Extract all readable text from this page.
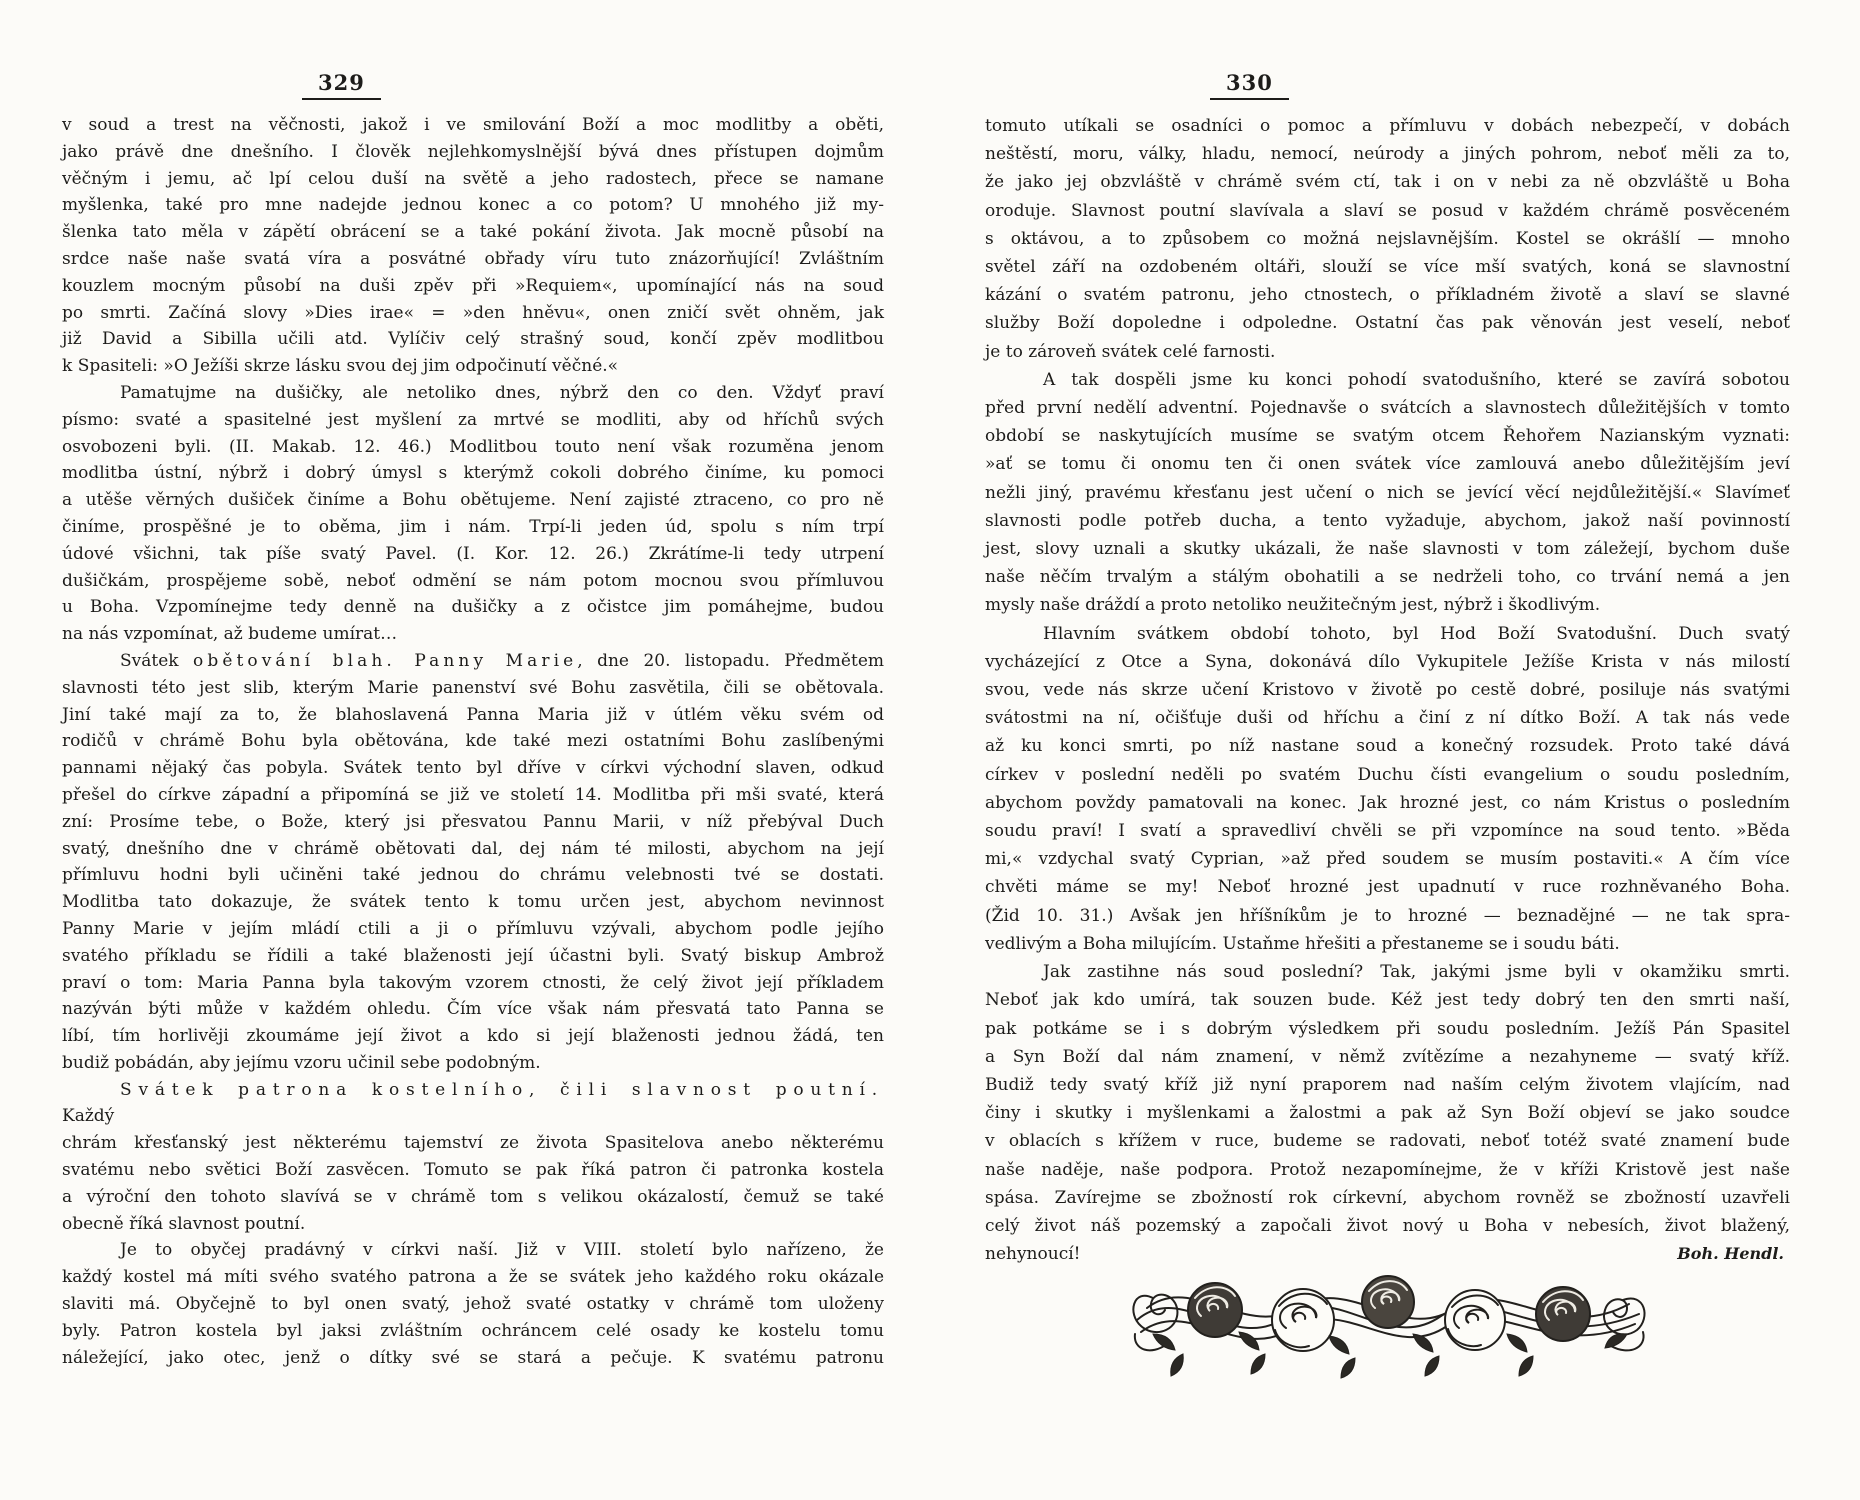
329	330
v soud a trest na věčnosti, jakož i ve smilování Boží a moc modlitby a oběti,
jako právě dne dnešního. I člověk nejlehkomyslnější bývá dnes přístupen dojmům
věčným i jemu, ač lpí celou duší na světě a jeho radostech, přece se namane
myšlenka, také pro mne nadejde jednou konec a co potom? U mnohého již my-
šlenka tato měla v zápětí obrácení se a také pokání života. Jak mocně působí na
srdce naše naše svatá víra a posvátné obřady víru tuto znázorňující! Zvláštním
kouzlem mocným působí na duši zpěv při »Requiem«, upomínající nás na soud
po smrti. Začíná slovy »Dies irae« = »den hněvu«, onen zničí svět ohněm, jak
již David a Sibilla učili atd. Vylíčiv celý strašný soud, končí zpěv modlitbou
k Spasiteli: »O Ježíši skrze lásku svou dej jim odpočinutí věčné.«
Pamatujme na dušičky, ale netoliko dnes, nýbrž den co den. Vždyť praví
písmo: svaté a spasitelné jest myšlení za mrtvé se modliti, aby od hříchů svých
osvobozeni byli. (II. Makab. 12. 46.) Modlitbou touto není však rozuměna jenom
modlitba ústní, nýbrž i dobrý úmysl s kterýmž cokoli dobrého činíme, ku pomoci
a utěše věrných dušiček činíme a Bohu obětujeme. Není zajisté ztraceno, co pro ně
činíme, prospěšné je to oběma, jim i nám. Trpí-li jeden úd, spolu s ním trpí
údové všichni, tak píše svatý Pavel. (I. Kor. 12. 26.) Zkrátíme-li tedy utrpení
dušičkám, prospějeme sobě, neboť odmění se nám potom mocnou svou přímluvou
u Boha. Vzpomínejme tedy denně na dušičky a z očistce jim pomáhejme, budou
na nás vzpomínat, až budeme umírat…
Svátek obětování blah. Panny Marie, dne 20. listopadu. Předmětem
slavnosti této jest slib, kterým Marie panenství své Bohu zasvětila, čili se obětovala.
Jiní také mají za to, že blahoslavená Panna Maria již v útlém věku svém od
rodičů v chrámě Bohu byla obětována, kde také mezi ostatními Bohu zaslíbenými
pannami nějaký čas pobyla. Svátek tento byl dříve v církvi východní slaven, odkud
přešel do církve západní a připomíná se již ve století 14. Modlitba při mši svaté, která
zní: Prosíme tebe, o Bože, který jsi přesvatou Pannu Marii, v níž přebýval Duch
svatý, dnešního dne v chrámě obětovati dal, dej nám té milosti, abychom na její
přímluvu hodni byli učiněni také jednou do chrámu velebnosti tvé se dostati.
Modlitba tato dokazuje, že svátek tento k tomu určen jest, abychom nevinnost
Panny Marie v jejím mládí ctili a ji o přímluvu vzývali, abychom podle jejího
svatého příkladu se řídili a také blaženosti její účastni byli. Svatý biskup Ambrož
praví o tom: Maria Panna byla takovým vzorem ctnosti, že celý život její příkladem
nazýván býti může v každém ohledu. Čím více však nám přesvatá tato Panna se
líbí, tím horlivěji zkoumáme její život a kdo si její blaženosti jednou žádá, ten
budiž pobádán, aby jejímu vzoru učinil sebe podobným.
Svátek patrona kostelního, čili slavnost poutní. Každý
chrám křesťanský jest některému tajemství ze života Spasitelova anebo některému
svatému nebo světici Boží zasvěcen. Tomuto se pak říká patron či patronka kostela
a výroční den tohoto slavívá se v chrámě tom s velikou okázalostí, čemuž se také
obecně říká slavnost poutní.
Je to obyčej pradávný v církvi naší. Již v VIII. století bylo nařízeno, že
každý kostel má míti svého svatého patrona a že se svátek jeho každého roku okázale
slaviti má. Obyčejně to byl onen svatý, jehož svaté ostatky v chrámě tom uloženy
byly. Patron kostela byl jaksi zvláštním ochráncem celé osady ke kostelu tomu
náležející, jako otec, jenž o dítky své se stará a pečuje. K svatému patronu
tomuto utíkali se osadníci o pomoc a přímluvu v dobách nebezpečí, v dobách
neštěstí, moru, války, hladu, nemocí, neúrody a jiných pohrom, neboť měli za to,
že jako jej obzvláště v chrámě svém ctí, tak i on v nebi za ně obzvláště u Boha
oroduje. Slavnost poutní slavívala a slaví se posud v každém chrámě posvěceném
s oktávou, a to způsobem co možná nejslavnějším. Kostel se okrášlí — mnoho
světel září na ozdobeném oltáři, slouží se více mší svatých, koná se slavnostní
kázání o svatém patronu, jeho ctnostech, o příkladném životě a slaví se slavné
služby Boží dopoledne i odpoledne. Ostatní čas pak věnován jest veselí, neboť
je to zároveň svátek celé farnosti.
A tak dospěli jsme ku konci pohodí svatodušního, které se zavírá sobotou
před první nedělí adventní. Pojednavše o svátcích a slavnostech důležitějších v tomto
období se naskytujících musíme se svatým otcem Řehořem Nazianským vyznati:
»ať se tomu či onomu ten či onen svátek více zamlouvá anebo důležitějším jeví
nežli jiný, pravému křesťanu jest učení o nich se jevící věcí nejdůležitější.« Slavímeť
slavnosti podle potřeb ducha, a tento vyžaduje, abychom, jakož naší povinností
jest, slovy uznali a skutky ukázali, že naše slavnosti v tom záležejí, bychom duše
naše něčím trvalým a stálým obohatili a se nedrželi toho, co trvání nemá a jen
mysly naše dráždí a proto netoliko neužitečným jest, nýbrž i škodlivým.
Hlavním svátkem období tohoto, byl Hod Boží Svatodušní. Duch svatý
vycházející z Otce a Syna, dokonává dílo Vykupitele Ježíše Krista v nás milostí
svou, vede nás skrze učení Kristovo v životě po cestě dobré, posiluje nás svatými
svátostmi na ní, očišťuje duši od hříchu a činí z ní dítko Boží. A tak nás vede
až ku konci smrti, po níž nastane soud a konečný rozsudek. Proto také dává
církev v poslední neděli po svatém Duchu čísti evangelium o soudu posledním,
abychom povždy pamatovali na konec. Jak hrozné jest, co nám Kristus o posledním
soudu praví! I svatí a spravedliví chvěli se při vzpomínce na soud tento. »Běda
mi,« vzdychal svatý Cyprian, »až před soudem se musím postaviti.« A čím více
chvěti máme se my! Neboť hrozné jest upadnutí v ruce rozhněvaného Boha.
(Žid 10. 31.) Avšak jen hříšníkům je to hrozné — beznadějné — ne tak spra-
vedlivým a Boha milujícím. Ustaňme hřešiti a přestaneme se i soudu báti.
Jak zastihne nás soud poslední? Tak, jakými jsme byli v okamžiku smrti.
Neboť jak kdo umírá, tak souzen bude. Kéž jest tedy dobrý ten den smrti naší,
pak potkáme se i s dobrým výsledkem při soudu posledním. Ježíš Pán Spasitel
a Syn Boží dal nám znamení, v němž zvítězíme a nezahyneme — svatý kříž.
Budiž tedy svatý kříž již nyní praporem nad naším celým životem vlajícím, nad
činy i skutky i myšlenkami a žalostmi a pak až Syn Boží objeví se jako soudce
v oblacích s křížem v ruce, budeme se radovati, neboť totéž svaté znamení bude
naše naděje, naše podpora. Protož nezapomínejme, že v kříži Kristově jest naše
spása. Zavírejme se zbožností rok církevní, abychom rovněž se zbožností uzavřeli
celý život náš pozemský a započali život nový u Boha v nebesích, život blažený,
nehynoucí!	Boh. Hendl.
